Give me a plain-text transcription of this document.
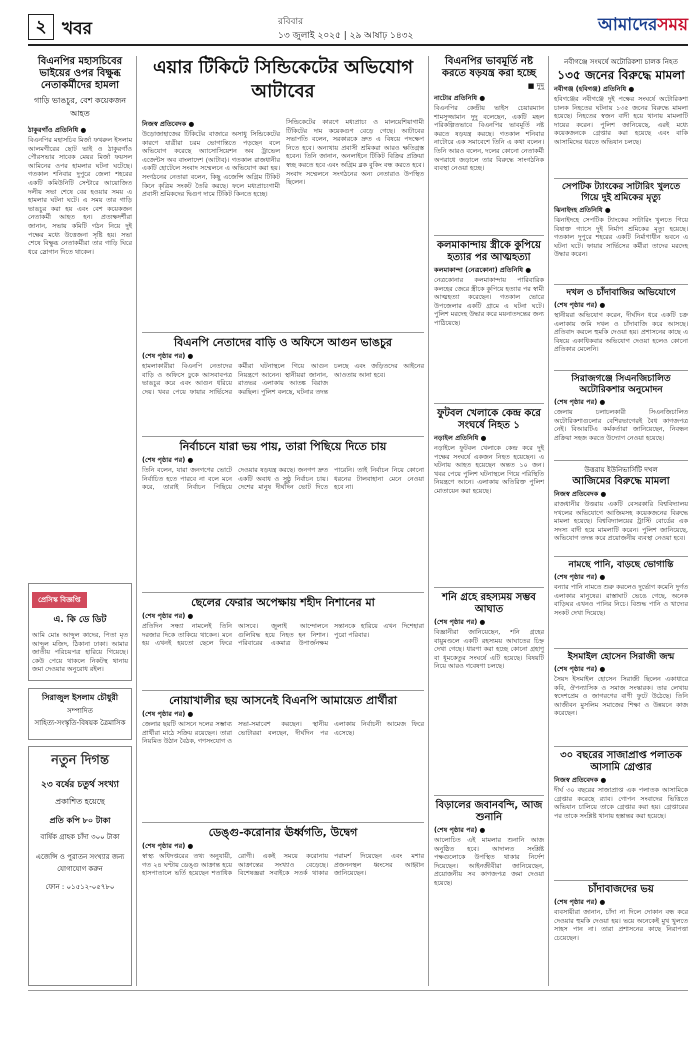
২ খবর	রবিবার
১৩ জুলাই ২০২৫ | ২৯ আষাঢ় ১৪৩২
আমাদেরসময়
বিএনপির মহাসচিবের ভাইয়ের ওপর বিক্ষুব্ধ নেতাকর্মীদের হামলা
গাড়ি ভাঙচুর, বেশ কয়েকজন আহত
ঠাকুরগাঁও প্রতিনিধি ●
বিএনপির মহাসচিব মির্জা ফখরুল ইসলাম আলমগীরের ছোট ভাই ও ঠাকুরগাঁও পৌরসভার সাবেক মেয়র মির্জা ফয়সল আমিনের ওপর হামলার ঘটনা ঘটেছে। গতকাল শনিবার দুপুরে জেলা শহরের একটি কমিউনিটি সেন্টারে আয়োজিত দলীয় সভা শেষে বের হওয়ার সময় এ হামলার ঘটনা ঘটে। এ সময় তার গাড়ি ভাঙচুর করা হয় এবং বেশ কয়েকজন নেতাকর্মী আহত হন। প্রত্যক্ষদর্শীরা জানান, সভায় কমিটি গঠন নিয়ে দুই পক্ষের মধ্যে উত্তেজনা সৃষ্টি হয়। সভা শেষে বিক্ষুব্ধ নেতাকর্মীরা তার গাড়ি ঘিরে ধরে স্লোগান দিতে থাকেন।
প্রেসিস্ক বিজ্ঞপ্তি
এ. কি ডে ডিট
আমি মোঃ আব্দুল কাদের, পিতা মৃত আব্দুল মজিদ, ঠিকানা ঢাকা। আমার জাতীয় পরিচয়পত্র হারিয়ে গিয়েছে। কেউ পেয়ে থাকলে নিকটস্থ থানায় জমা দেওয়ার অনুরোধ রইল।
সিরাজুল ইসলাম চৌধুরী
সম্পাদিত
সাহিত্য-সংস্কৃতি-বিষয়ক ত্রৈমাসিক
নতুন দিগন্ত
২৩ বর্ষের চতুর্থ সংখ্যা
প্রকাশিত হয়েছে
প্রতি কপি ৮০ টাকা
বার্ষিক গ্রাহক চাঁদা ৩০০ টাকা
এজেন্সি ও পুরাতন সংখ্যার জন্য যোগাযোগ করুন
ফোন : ০১৫১২-০৫৭৮০
এয়ার টিকিটে সিন্ডিকেটের অভিযোগ আটাবের
নিজস্ব প্রতিবেদক ●
উড়োজাহাজের টিকিটের বাজারে অসাধু সিন্ডিকেটের কারণে যাত্রীরা চরম ভোগান্তিতে পড়ছেন বলে অভিযোগ করেছে অ্যাসোসিয়েশন অব ট্রাভেল এজেন্টস অব বাংলাদেশ (আটাব)। গতকাল রাজধানীর একটি হোটেলে সংবাদ সম্মেলনে এ অভিযোগ করা হয়। সংগঠনের নেতারা বলেন, কিছু এজেন্সি অগ্রিম টিকিট কিনে কৃত্রিম সংকট তৈরি করছে। ফলে মধ্যপ্রাচ্যগামী প্রবাসী শ্রমিকদের দ্বিগুণ দামে টিকিট কিনতে হচ্ছে।
সিন্ডিকেটের কারণে মধ্যপ্রাচ্য ও মালয়েশিয়াগামী টিকিটের দাম কয়েকগুণ বেড়ে গেছে। আটাবের সভাপতি বলেন, সরকারকে দ্রুত এ বিষয়ে পদক্ষেপ নিতে হবে। অন্যথায় প্রবাসী শ্রমিকরা আরও ক্ষতিগ্রস্ত হবেন। তিনি জানান, অনলাইনে টিকিট বিক্রির প্রক্রিয়া স্বচ্ছ করতে হবে এবং অগ্রিম ব্লক বুকিং বন্ধ করতে হবে। সংবাদ সম্মেলনে সংগঠনের অন্য নেতারাও উপস্থিত ছিলেন।
বিএনপি নেতাদের বাড়ি ও অফিসে আগুন ভাঙচুর
(শেষ পৃষ্ঠার পর) ●
হামলাকারীরা বিএনপি নেতাদের বাড়ি ও অফিসে ঢুকে আসবাবপত্র ভাঙচুর করে এবং আগুন ধরিয়ে দেয়। খবর পেয়ে ফায়ার সার্ভিসের কর্মীরা ঘটনাস্থলে গিয়ে আগুন নিয়ন্ত্রণে আনেন। স্থানীয়রা জানান, রাতভর এলাকায় আতঙ্ক বিরাজ করছিল। পুলিশ বলছে, ঘটনার তদন্ত চলছে এবং জড়িতদের আইনের আওতায় আনা হবে।
নির্বাচনে যারা ভয় পায়, তারা পিছিয়ে দিতে চায়
(শেষ পৃষ্ঠার পর) ●
তিনি বলেন, যারা জনগণের ভোটে নির্বাচিত হতে পারবে না বলে মনে করে, তারাই নির্বাচন পিছিয়ে দেওয়ার ষড়যন্ত্র করছে। জনগণ দ্রুত একটি অবাধ ও সুষ্ঠু নির্বাচন চায়। দেশের মানুষ দীর্ঘদিন ভোট দিতে পারেনি। তাই নির্বাচন নিয়ে কোনো ধরনের টালবাহানা মেনে নেওয়া হবে না।
ছেলের ফেরার অপেক্ষায় শহীদ নিশানের মা
(শেষ পৃষ্ঠার পর) ●
প্রতিদিন সন্ধ্যা নামলেই তিনি দরজার দিকে তাকিয়ে থাকেন। মনে হয় এখনই হয়তো ছেলে ফিরে আসবে। জুলাই আন্দোলনে গুলিবিদ্ধ হয়ে নিহত হন নিশান। পরিবারের একমাত্র উপার্জনক্ষম সন্তানকে হারিয়ে এখন দিশেহারা পুরো পরিবার।
নোয়াখালীর ছয় আসনেই বিএনপি আমায়েত প্রার্থীরা
(শেষ পৃষ্ঠার পর) ●
জেলার ছয়টি আসনে দলের সম্ভাব্য প্রার্থীরা মাঠে সক্রিয় রয়েছেন। তারা নিয়মিত উঠান বৈঠক, গণসংযোগ ও সভা-সমাবেশ করছেন। স্থানীয় ভোটাররা বলছেন, দীর্ঘদিন পর এলাকায় নির্বাচনী আমেজ ফিরে এসেছে।
ডেঙ্গু-করোনার ঊর্ধ্বগতি, উদ্বেগ
(শেষ পৃষ্ঠার পর) ●
স্বাস্থ্য অধিদপ্তরের তথ্য অনুযায়ী, গত ২৪ ঘণ্টায় ডেঙ্গু আক্রান্ত হয়ে হাসপাতালে ভর্তি হয়েছেন শতাধিক রোগী। একই সময়ে করোনায় আক্রান্তের সংখ্যাও বেড়েছে। বিশেষজ্ঞরা সবাইকে সতর্ক থাকার পরামর্শ দিয়েছেন এবং মশার প্রজননস্থল ধ্বংসের আহ্বান জানিয়েছেন।
বিএনপির ভাবমূর্তি নষ্ট করতে ষড়যন্ত্র করা হচ্ছে
■ দুদু
নাটোর প্রতিনিধি ●
বিএনপির কেন্দ্রীয় ভাইস চেয়ারম্যান শামসুজ্জামান দুদু বলেছেন, একটি মহল পরিকল্পিতভাবে বিএনপির ভাবমূর্তি নষ্ট করতে ষড়যন্ত্র করছে। গতকাল শনিবার নাটোরে এক সমাবেশে তিনি এ কথা বলেন। তিনি আরও বলেন, দলের কোনো নেতাকর্মী অপরাধে জড়ালে তার বিরুদ্ধে সাংগঠনিক ব্যবস্থা নেওয়া হচ্ছে।
কলমাকান্দায় স্ত্রীকে কুপিয়ে হত্যার পর আত্মহত্যা
কলমাকান্দা (নেত্রকোনা) প্রতিনিধি ●
নেত্রকোনার কলমাকান্দায় পারিবারিক কলহের জেরে স্ত্রীকে কুপিয়ে হত্যার পর স্বামী আত্মহত্যা করেছেন। গতকাল ভোরে উপজেলার একটি গ্রামে এ ঘটনা ঘটে। পুলিশ মরদেহ উদ্ধার করে ময়নাতদন্তের জন্য পাঠিয়েছে।
ফুটবল খেলাকে কেন্দ্র করে সংঘর্ষে নিহত ১
নড়াইল প্রতিনিধি ●
নড়াইলে ফুটবল খেলাকে কেন্দ্র করে দুই পক্ষের সংঘর্ষে একজন নিহত হয়েছেন। এ ঘটনায় আহত হয়েছেন অন্তত ১০ জন। খবর পেয়ে পুলিশ ঘটনাস্থলে গিয়ে পরিস্থিতি নিয়ন্ত্রণে আনে। এলাকায় অতিরিক্ত পুলিশ মোতায়েন করা হয়েছে।
শনি গ্রহে রহস্যময় সম্ভব আঘাত
(শেষ পৃষ্ঠার পর) ●
বিজ্ঞানীরা জানিয়েছেন, শনি গ্রহের বায়ুমণ্ডলে একটি রহস্যময় আঘাতের চিহ্ন দেখা গেছে। ধারণা করা হচ্ছে কোনো গ্রহাণু বা ধূমকেতুর সংঘর্ষে এটি হয়েছে। বিষয়টি নিয়ে আরও গবেষণা চলছে।
বিড়ালের জবানবন্দি, আজ শুনানি
(শেষ পৃষ্ঠার পর) ●
আলোচিত এই মামলার শুনানি আজ অনুষ্ঠিত হবে। আদালত সংশ্লিষ্ট পক্ষগুলোকে উপস্থিত থাকার নির্দেশ দিয়েছেন। আইনজীবীরা জানিয়েছেন, প্রয়োজনীয় সব কাগজপত্র জমা দেওয়া হয়েছে।
নবীগঞ্জে সংঘর্ষে অটোরিকশা চালক নিহত
১৩৫ জনের বিরুদ্ধে মামলা
নবীগঞ্জ (হবিগঞ্জ) প্রতিনিধি ●
হবিগঞ্জের নবীগঞ্জে দুই পক্ষের সংঘর্ষে অটোরিকশা চালক নিহতের ঘটনায় ১৩৫ জনের বিরুদ্ধে মামলা হয়েছে। নিহতের স্বজন বাদী হয়ে থানায় মামলাটি দায়ের করেন। পুলিশ জানিয়েছে, এরই মধ্যে কয়েকজনকে গ্রেপ্তার করা হয়েছে এবং বাকি আসামিদের ধরতে অভিযান চলছে।
সেপটিক ট্যাংকের সাটারিং খুলতে গিয়ে দুই শ্রমিকের মৃত্যু
ঝিনাইদহ প্রতিনিধি ●
ঝিনাইদহে সেপটিক ট্যাংকের সাটারিং খুলতে গিয়ে বিষাক্ত গ্যাসে দুই নির্মাণ শ্রমিকের মৃত্যু হয়েছে। গতকাল দুপুরে শহরের একটি নির্মাণাধীন ভবনে এ ঘটনা ঘটে। ফায়ার সার্ভিসের কর্মীরা তাদের মরদেহ উদ্ধার করেন।
দখল ও চাঁদাবাজির অভিযোগে
(শেষ পৃষ্ঠার পর) ●
স্থানীয়রা অভিযোগ করেন, দীর্ঘদিন ধরে একটি চক্র এলাকায় জমি দখল ও চাঁদাবাজি করে আসছে। প্রতিবাদ করলে হুমকি দেওয়া হয়। প্রশাসনের কাছে এ বিষয়ে একাধিকবার অভিযোগ দেওয়া হলেও কোনো প্রতিকার মেলেনি।
সিরাজগঞ্জে সিএনজিচালিত অটোরিকশার অনুমোদন
(শেষ পৃষ্ঠার পর) ●
জেলায় চলাচলকারী সিএনজিচালিত অটোরিকশাগুলোর বেশিরভাগেরই বৈধ কাগজপত্র নেই। বিআরটিএ কর্মকর্তারা জানিয়েছেন, নিবন্ধন প্রক্রিয়া সহজ করতে উদ্যোগ নেওয়া হয়েছে।
উত্তরায় ইউনিভার্সিটি দখল
আজিমের বিরুদ্ধে মামলা
নিজস্ব প্রতিবেদক ●
রাজধানীর উত্তরায় একটি বেসরকারি বিশ্ববিদ্যালয় দখলের অভিযোগে আজিমসহ কয়েকজনের বিরুদ্ধে মামলা হয়েছে। বিশ্ববিদ্যালয়ের ট্রাস্টি বোর্ডের এক সদস্য বাদী হয়ে মামলাটি করেন। পুলিশ জানিয়েছে, অভিযোগ তদন্ত করে প্রয়োজনীয় ব্যবস্থা নেওয়া হবে।
নামছে পানি, বাড়ছে ভোগান্তি
(শেষ পৃষ্ঠার পর) ●
বন্যার পানি নামতে শুরু করলেও দুর্ভোগ কমেনি দুর্গত এলাকার মানুষের। রাস্তাঘাট ভেঙে গেছে, অনেক বাড়িঘর এখনও পানির নিচে। বিশুদ্ধ পানি ও খাদ্যের সংকট দেখা দিয়েছে।
ইসমাইল হোসেন সিরাজী জন্ম
(শেষ পৃষ্ঠার পর) ●
সৈয়দ ইসমাইল হোসেন সিরাজী ছিলেন একাধারে কবি, ঔপন্যাসিক ও সমাজ সংস্কারক। তার লেখায় স্বদেশপ্রেম ও জাগরণের বাণী ফুটে উঠেছে। তিনি আজীবন মুসলিম সমাজের শিক্ষা ও উন্নয়নে কাজ করেছেন।
৩০ বছরের সাজাপ্রাপ্ত পলাতক আসামি গ্রেপ্তার
নিজস্ব প্রতিবেদক ●
দীর্ঘ ৩০ বছরের সাজাপ্রাপ্ত এক পলাতক আসামিকে গ্রেপ্তার করেছে র‍্যাব। গোপন সংবাদের ভিত্তিতে অভিযান চালিয়ে তাকে গ্রেপ্তার করা হয়। গ্রেপ্তারের পর তাকে সংশ্লিষ্ট থানায় হস্তান্তর করা হয়েছে।
চাঁদাবাজদের ভয়
(শেষ পৃষ্ঠার পর) ●
ব্যবসায়ীরা জানান, চাঁদা না দিলে দোকান বন্ধ করে দেওয়ার হুমকি দেওয়া হয়। ভয়ে অনেকেই মুখ খুলতে সাহস পান না। তারা প্রশাসনের কাছে নিরাপত্তা চেয়েছেন।
